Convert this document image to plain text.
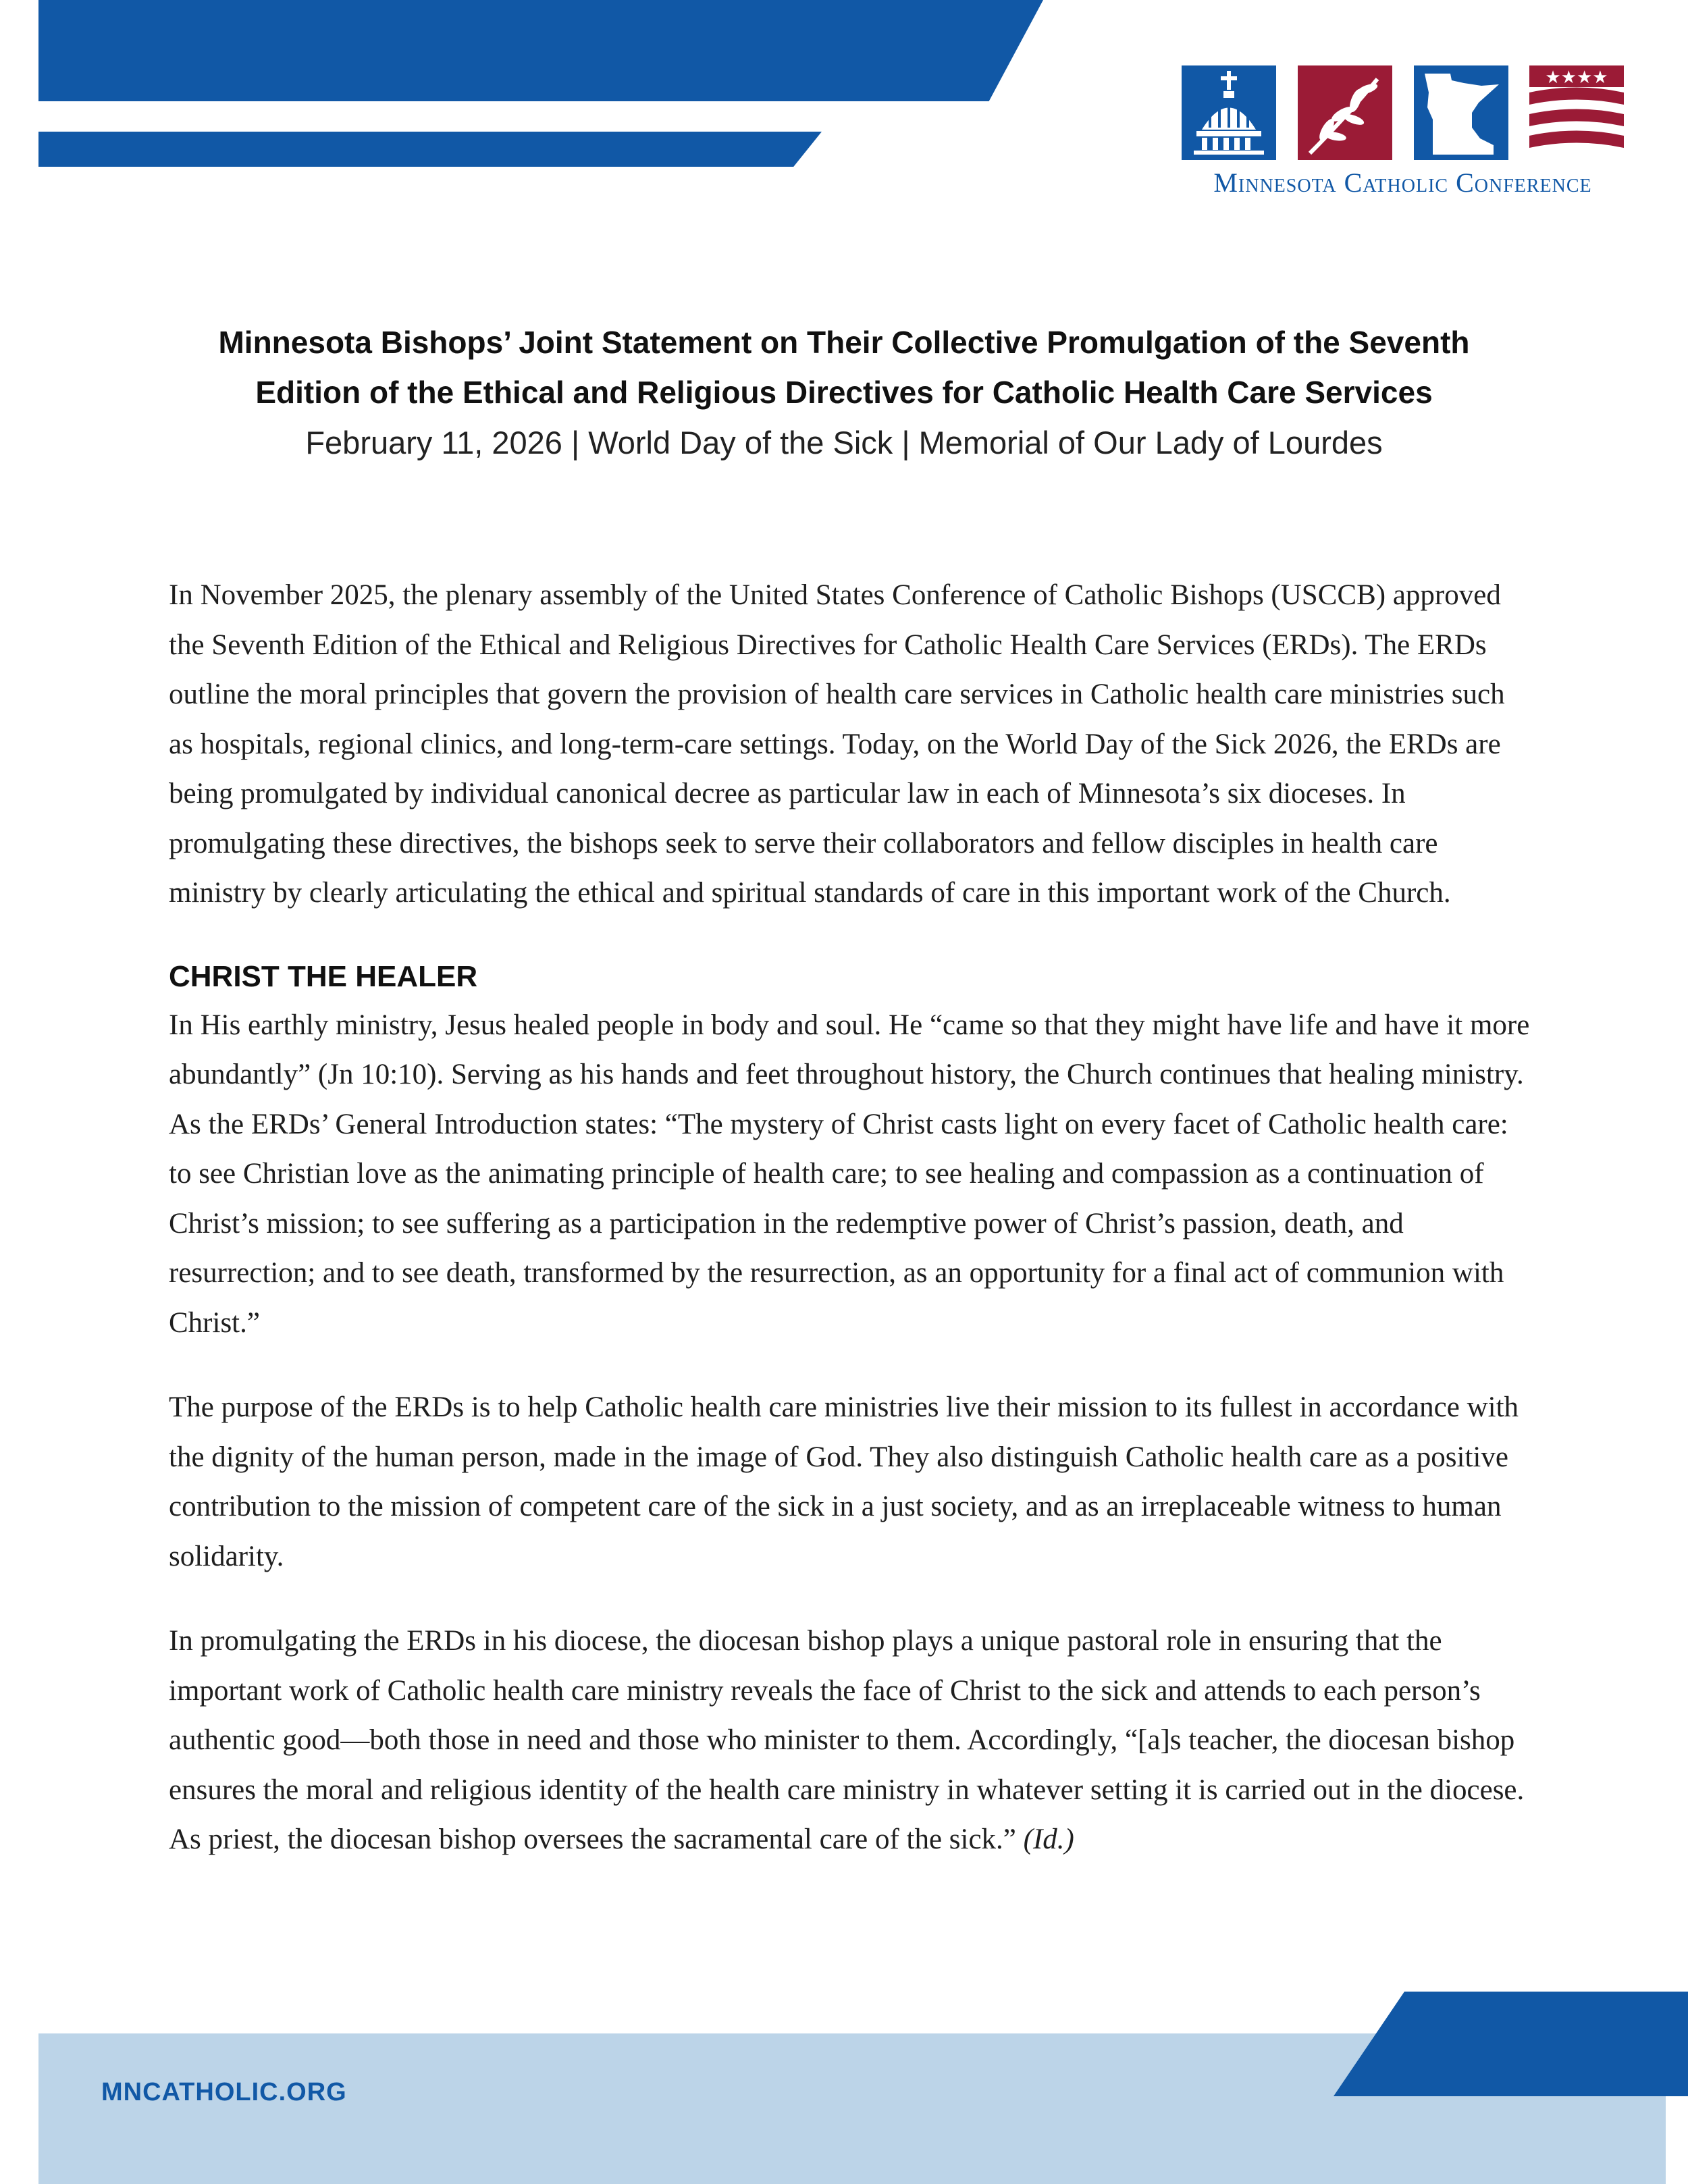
★★★★
Minnesota Catholic Conference

Minnesota Bishops’ Joint Statement on Their Collective Promulgation of the Seventh

Edition of the Ethical and Religious Directives for Catholic Health Care Services

February 11, 2026 | World Day of the Sick | Memorial of Our Lady of Lourdes

In November 2025, the plenary assembly of the United States Conference of Catholic Bishops (USCCB) approved the Seventh Edition of the Ethical and Religious Directives for Catholic Health Care Services (ERDs). The ERDs outline the moral principles that govern the provision of health care services in Catholic health care ministries such as hospitals, regional clinics, and long-term-care settings. Today, on the World Day of the Sick 2026, the ERDs are being promulgated by individual canonical decree as particular law in each of Minnesota’s six dioceses. In promulgating these directives, the bishops seek to serve their collaborators and fellow disciples in health care ministry by clearly articulating the ethical and spiritual standards of care in this important work of the Church.

CHRIST THE HEALER

In His earthly ministry, Jesus healed people in body and soul. He “came so that they might have life and have it more abundantly” (Jn 10:10). Serving as his hands and feet throughout history, the Church continues that healing ministry. As the ERDs’ General Introduction states: “The mystery of Christ casts light on every facet of Catholic health care: to see Christian love as the animating principle of health care; to see healing and compassion as a continuation of Christ’s mission; to see suffering as a participation in the redemptive power of Christ’s passion, death, and resurrection; and to see death, transformed by the resurrection, as an opportunity for a final act of communion with Christ.”

The purpose of the ERDs is to help Catholic health care ministries live their mission to its fullest in accordance with the dignity of the human person, made in the image of God. They also distinguish Catholic health care as a positive contribution to the mission of competent care of the sick in a just society, and as an irreplaceable witness to human solidarity.

In promulgating the ERDs in his diocese, the diocesan bishop plays a unique pastoral role in ensuring that the important work of Catholic health care ministry reveals the face of Christ to the sick and attends to each person’s authentic good—both those in need and those who minister to them. Accordingly, “[a]s teacher, the diocesan bishop ensures the moral and religious identity of the health care ministry in whatever setting it is carried out in the diocese. As priest, the diocesan bishop oversees the sacramental care of the sick.” (Id.)

MNCATHOLIC.ORG
